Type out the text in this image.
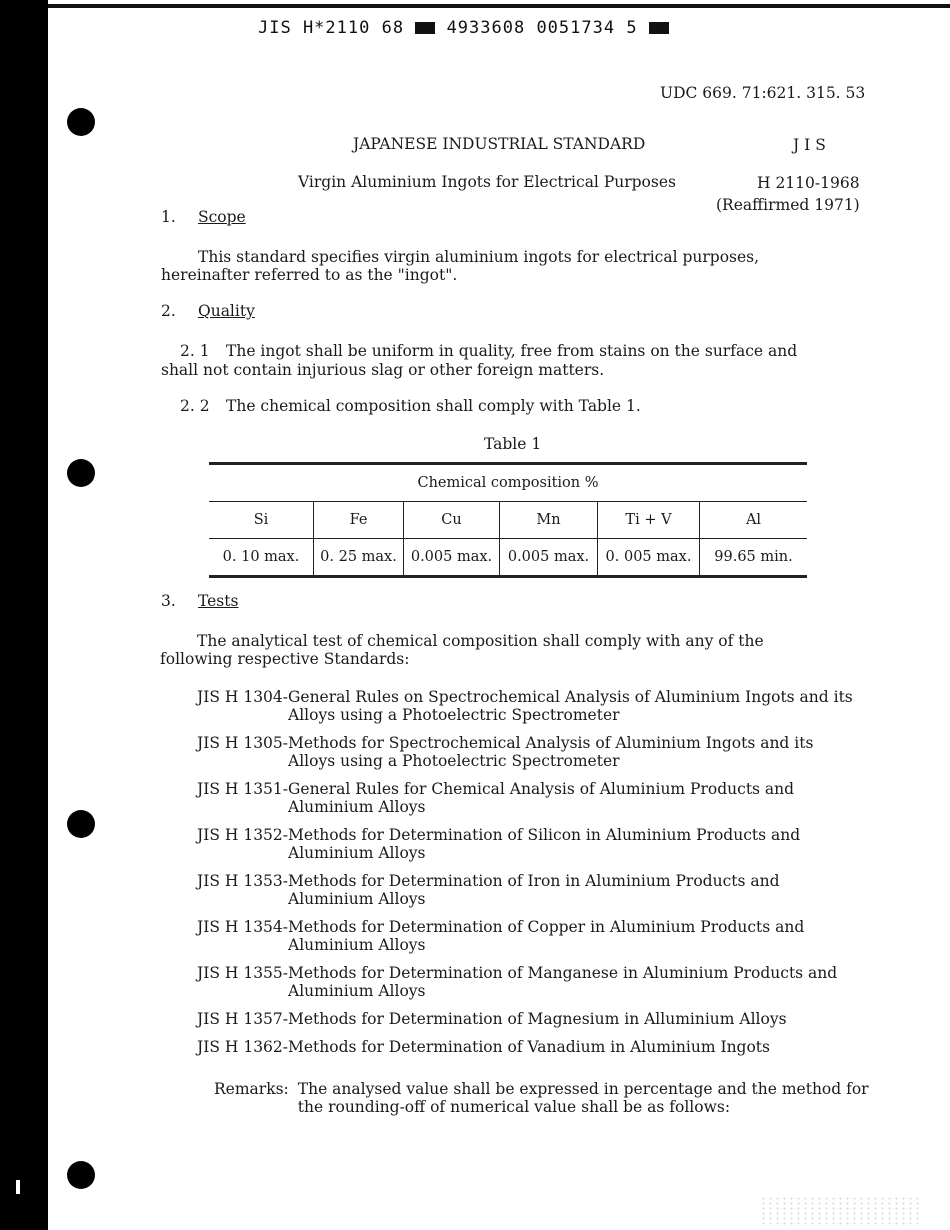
JIS H*2110 68	4933608 0051734 5
UDC 669. 71:621. 315. 53
JAPANESE INDUSTRIAL STANDARD	J I S
Virgin Aluminium Ingots for Electrical Purposes	H 2110-1968
(Reaffirmed 1971)
1. Scope
This standard specifies virgin aluminium ingots for electrical purposes,
hereinafter referred to as the "ingot".
2. Quality
2. 1 The ingot shall be uniform in quality, free from stains on the surface and
shall not contain injurious slag or other foreign matters.
2. 2 The chemical composition shall comply with Table 1.
Table 1
Chemical composition %					
Si	Fe	Cu	Mn	Ti + V	Al
0. 10 max.	0. 25 max.	0.005 max.	0.005 max.	0. 005 max.	99.65 min.
3. Tests
The analytical test of chemical composition shall comply with any of the
following respective Standards:
JIS H 1304- General Rules on Spectrochemical Analysis of Aluminium Ingots and its Alloys using a Photoelectric Spectrometer
JIS H 1305- Methods for Spectrochemical Analysis of Aluminium Ingots and its Alloys using a Photoelectric Spectrometer
JIS H 1351- General Rules for Chemical Analysis of Aluminium Products and Aluminium Alloys
JIS H 1352- Methods for Determination of Silicon in Aluminium Products and Aluminium Alloys
JIS H 1353- Methods for Determination of Iron in Aluminium Products and Aluminium Alloys
JIS H 1354- Methods for Determination of Copper in Aluminium Products and Aluminium Alloys
JIS H 1355- Methods for Determination of Manganese in Aluminium Products and Aluminium Alloys
JIS H 1357- Methods for Determination of Magnesium in Alluminium Alloys
JIS H 1362- Methods for Determination of Vanadium in Aluminium Ingots
Remarks: The analysed value shall be expressed in percentage and the method for the rounding-off of numerical value shall be as follows:
